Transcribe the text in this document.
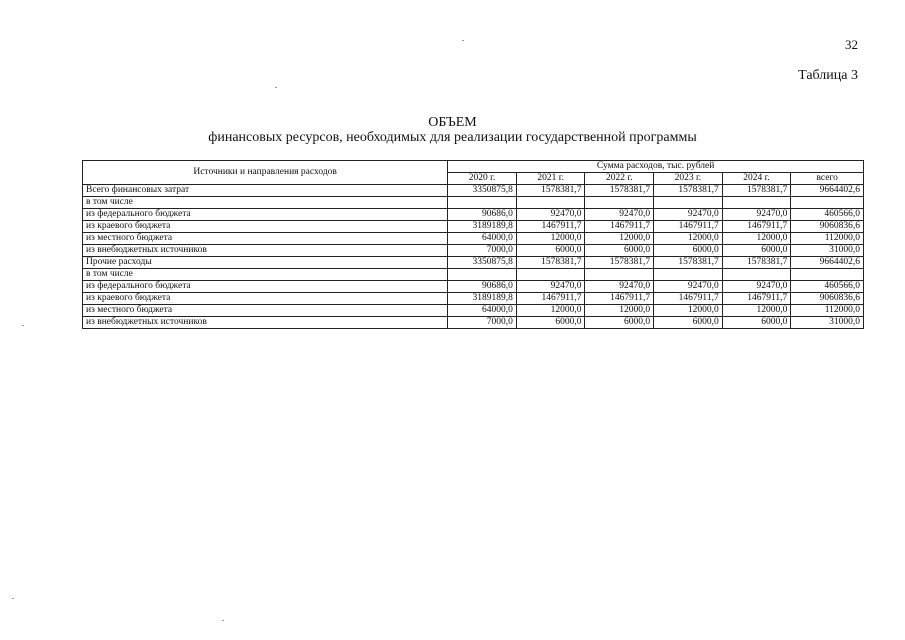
32
Таблица 3
ОБЪЕМ
финансовых ресурсов, необходимых для реализации государственной программы
Источники и направления расходов	Сумма расходов, тыс. рублей					
	2020 г.	2021 г.	2022 г.	2023 г.	2024 г.	всего
Всего финансовых затрат	3350875,8	1578381,7	1578381,7	1578381,7	1578381,7	9664402,6
в том числе						
из федерального бюджета	90686,0	92470,0	92470,0	92470,0	92470,0	460566,0
из краевого бюджета	3189189,8	1467911,7	1467911,7	1467911,7	1467911,7	9060836,6
из местного бюджета	64000,0	12000,0	12000,0	12000,0	12000,0	112000,0
из внебюджетных источников	7000,0	6000,0	6000,0	6000,0	6000,0	31000,0
Прочие расходы	3350875,8	1578381,7	1578381,7	1578381,7	1578381,7	9664402,6
в том числе						
из федерального бюджета	90686,0	92470,0	92470,0	92470,0	92470,0	460566,0
из краевого бюджета	3189189,8	1467911,7	1467911,7	1467911,7	1467911,7	9060836,6
из местного бюджета	64000,0	12000,0	12000,0	12000,0	12000,0	112000,0
из внебюджетных источников	7000,0	6000,0	6000,0	6000,0	6000,0	31000,0
